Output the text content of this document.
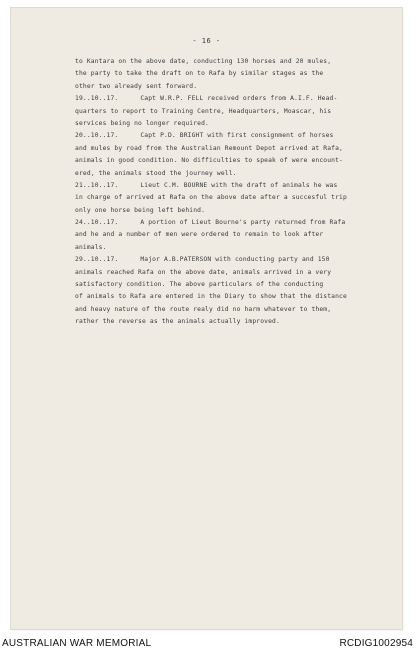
- 16 -
to Kantara on the above date, conducting 130 horses and 20 mules,
the party to take the draft on to Rafa by similar stages as the
other two already sent forward.
19..10..17.	Capt W.R.P. FELL received orders from A.I.F. Head-
quarters to report to Training Centre, Headquarters, Moascar, his
services being no longer required.
20..10..17.	Capt P.D. BRIGHT with first consignment of horses
and mules by road from the Australian Remount Depot arrived at Rafa,
animals in good condition. No difficulties to speak of were encount-
ered, the animals stood the journey well.
21..10..17.	Lieut C.M. BOURNE with the draft of animals he was
in charge of arrived at Rafa on the above date after a succesful trip
only one horse being left behind.
24..10..17.	A portion of Lieut Bourne's party returned from Rafa
and he and a number of men were ordered to remain to look after
animals.
29..10..17.	Major A.B.PATERSON with conducting party and 150
animals reached Rafa on the above date, animals arrived in a very
satisfactory condition. The above particulars of the conducting
of animals to Rafa are entered in the Diary to show that the distance
and heavy nature of the route realy did no harm whatever to them,
rather the reverse as the animals actually improved.
AUSTRALIAN WAR MEMORIAL	RCDIG1002954
